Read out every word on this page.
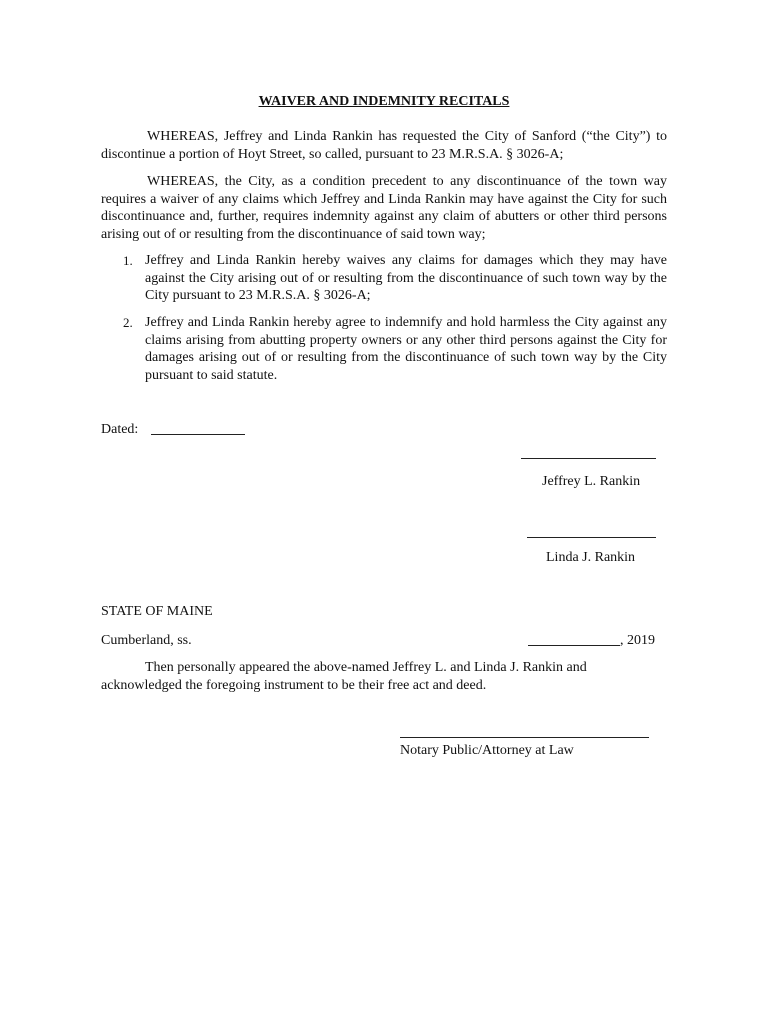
WAIVER AND INDEMNITY RECITALS

WHEREAS, Jeffrey and Linda Rankin has requested the City of Sanford (“the City”) to discontinue a portion of Hoyt Street, so called, pursuant to 23 M.R.S.A. § 3026-A;

WHEREAS, the City, as a condition precedent to any discontinuance of the town way requires a waiver of any claims which Jeffrey and Linda Rankin may have against the City for such discontinuance and, further, requires indemnity against any claim of abutters or other third persons arising out of or resulting from the discontinuance of said town way;

1. Jeffrey and Linda Rankin hereby waives any claims for damages which they may have against the City arising out of or resulting from the discontinuance of such town way by the City pursuant to 23 M.R.S.A. § 3026-A;
2. Jeffrey and Linda Rankin hereby agree to indemnify and hold harmless the City against any claims arising from abutting property owners or any other third persons against the City for damages arising out of or resulting from the discontinuance of such town way by the City pursuant to said statute.
Dated:
Jeffrey L. Rankin
Linda J. Rankin
STATE OF MAINE
Cumberland, ss.	, 2019

Then personally appeared the above-named Jeffrey L. and Linda J. Rankin and acknowledged the foregoing instrument to be their free act and deed.

Notary Public/Attorney at Law
